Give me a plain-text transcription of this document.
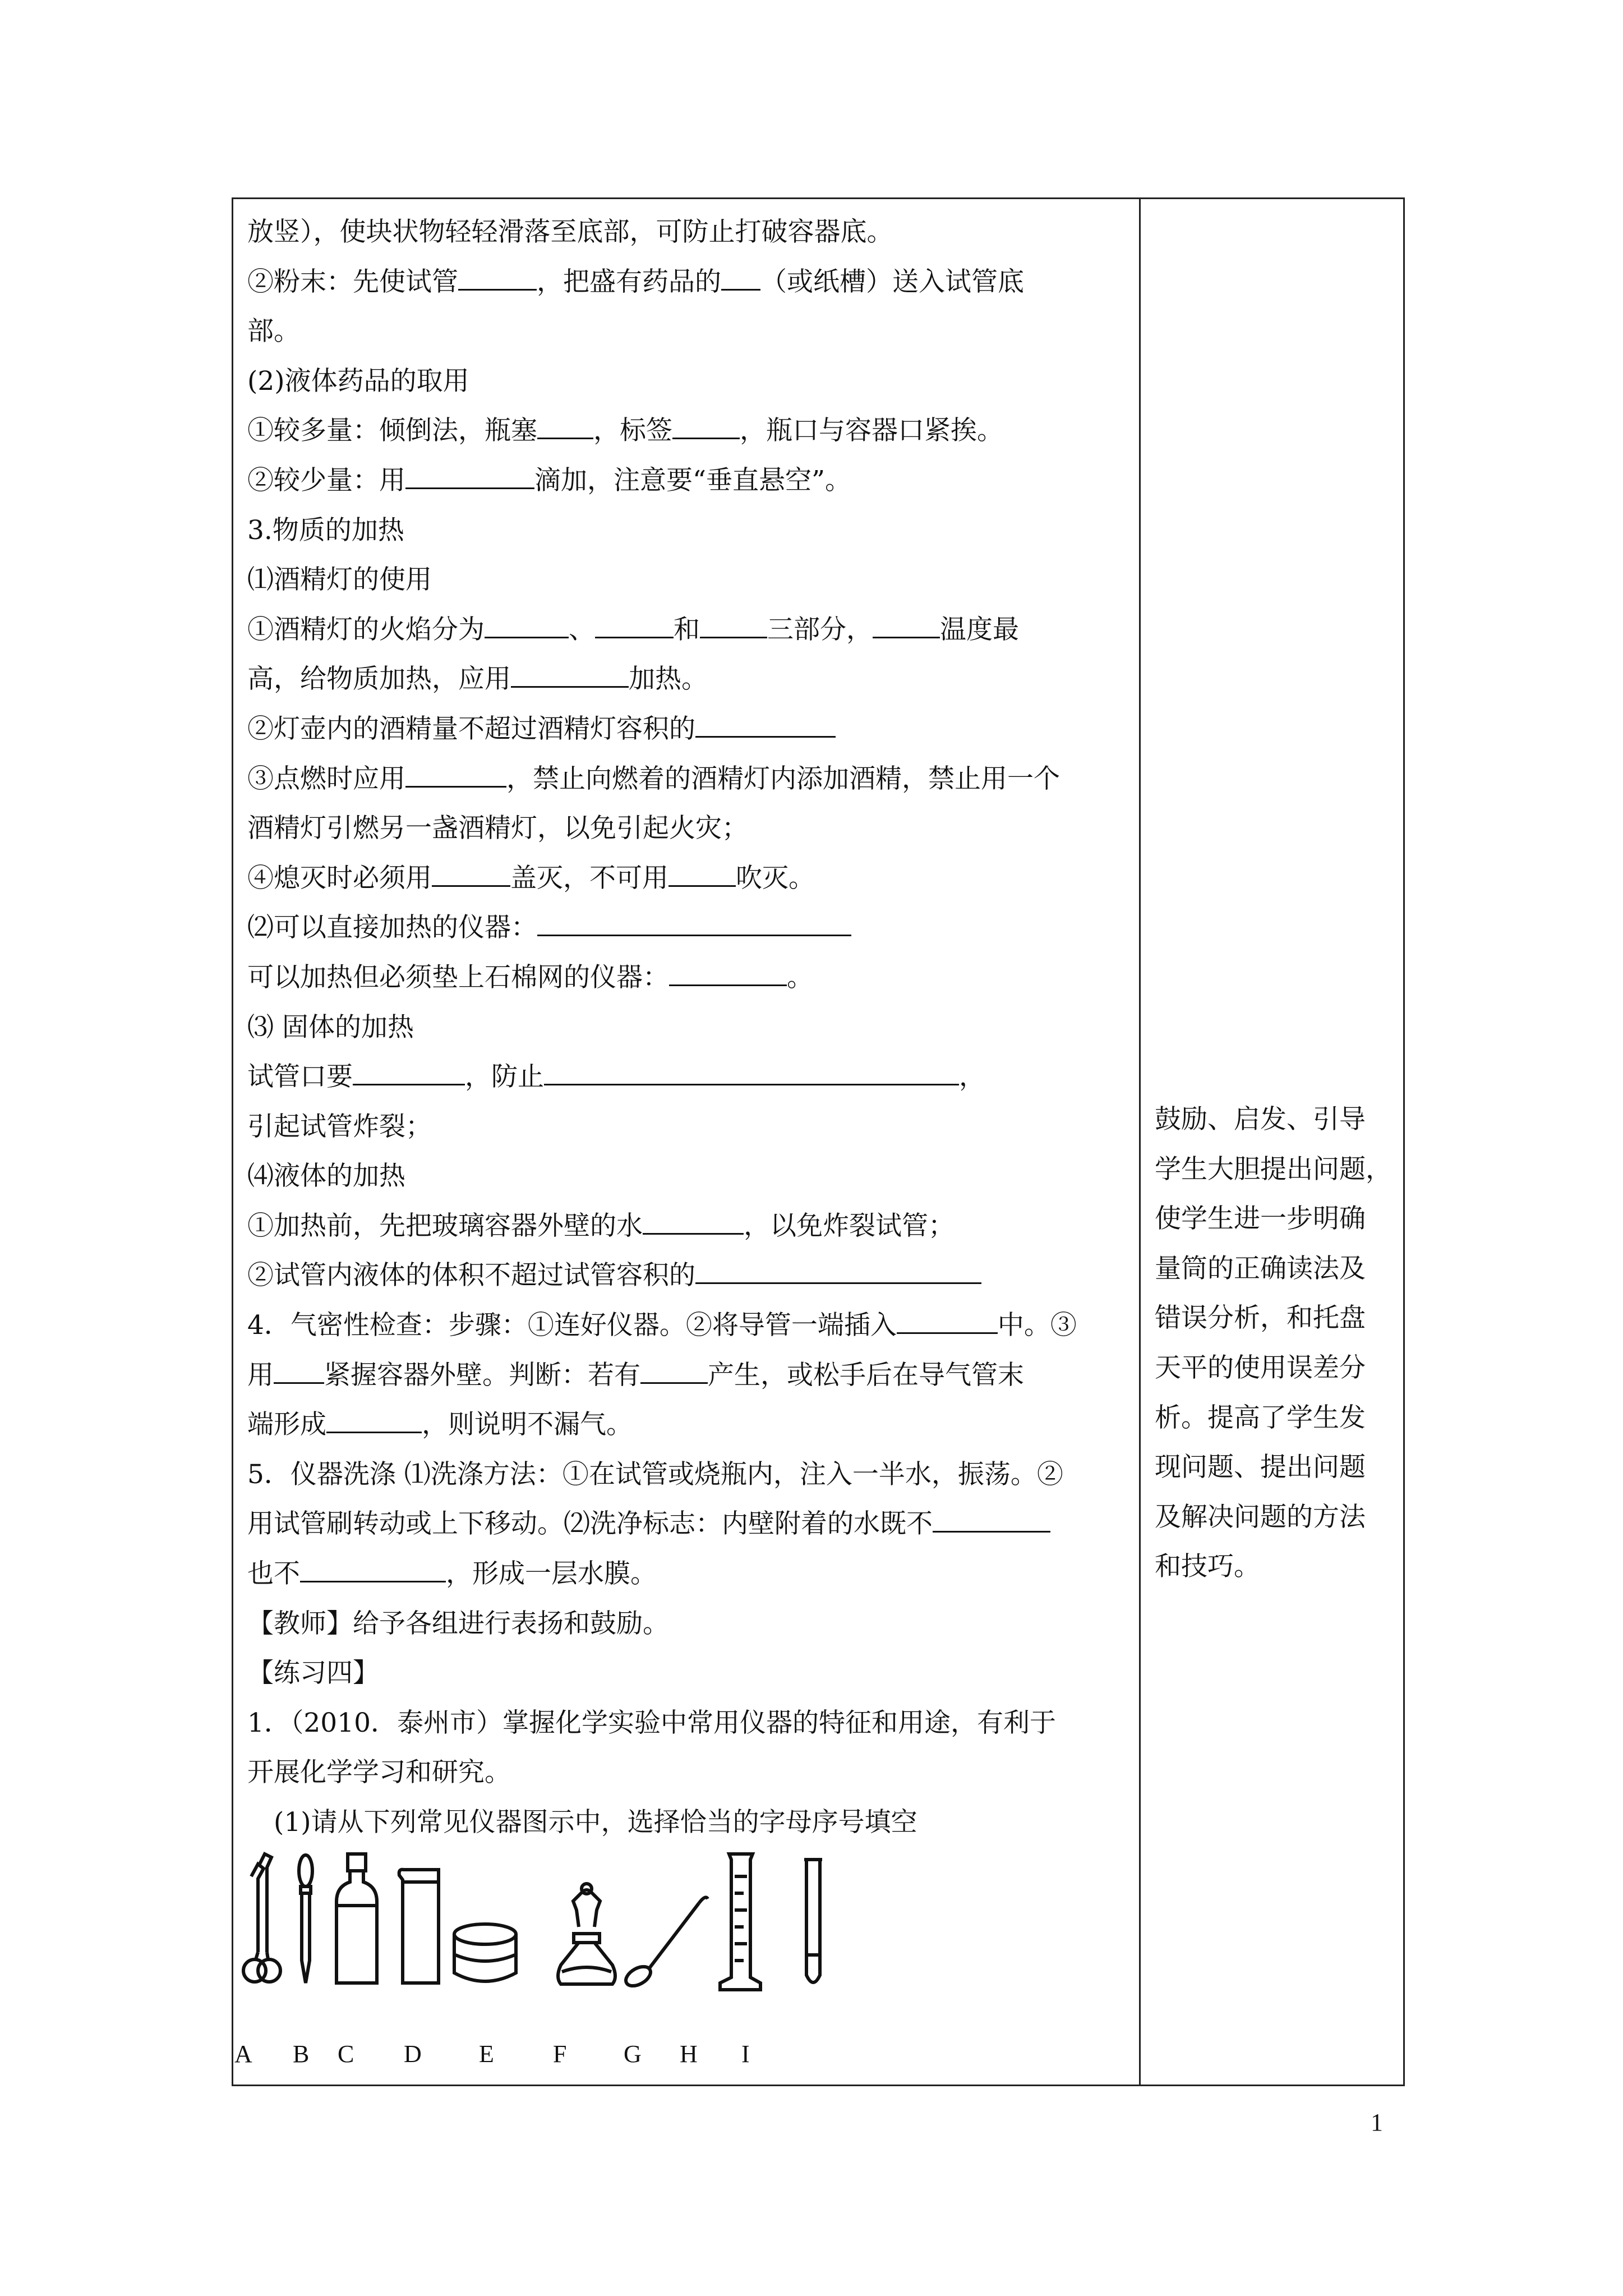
放竖），使块状物轻轻滑落至底部，可防止打破容器底。
②粉末：先使试管	，把盛有药品的 （或纸槽）送入试管底
部。
(2)液体药品的取用
①较多量：倾倒法，瓶塞 ，标签	，瓶口与容器口紧挨。
②较少量：用	滴加，注意要“垂直悬空”。
3.物质的加热
⑴酒精灯的使用
①酒精灯的火焰分为	、	和	三部分，	温度最
高，给物质加热，应用	加热。
②灯壶内的酒精量不超过酒精灯容积的
③点燃时应用	，禁止向燃着的酒精灯内添加酒精，禁止用一个
酒精灯引燃另一盏酒精灯，以免引起火灾；
④熄灭时必须用	盖灭，不可用	吹灭。
⑵可以直接加热的仪器：
可以加热但必须垫上石棉网的仪器：	。
⑶ 固体的加热
试管口要	，防止	，
引起试管炸裂；
⑷液体的加热
①加热前，先把玻璃容器外壁的水	，以免炸裂试管；
②试管内液体的体积不超过试管容积的
4．气密性检查：步骤：①连好仪器。②将导管一端插入	中。③
用 紧握容器外壁。判断：若有	产生，或松手后在导气管末
端形成	，则说明不漏气。
5．仪器洗涤 ⑴洗涤方法：①在试管或烧瓶内，注入一半水，振荡。②
用试管刷转动或上下移动。⑵洗净标志：内壁附着的水既不
也不	，形成一层水膜。
【教师】给予各组进行表扬和鼓励。
【练习四】
1．（2010．泰州市）掌握化学实验中常用仪器的特征和用途，有利于
开展化学学习和研究。
　(1)请从下列常见仪器图示中，选择恰当的字母序号填空
鼓励、启发、引导
学生大胆提出问题，
使学生进一步明确
量筒的正确读法及
错误分析，和托盘
天平的使用误差分
析。提高了学生发
现问题、提出问题
及解决问题的方法
和技巧。
A B C D E F G H I
1
